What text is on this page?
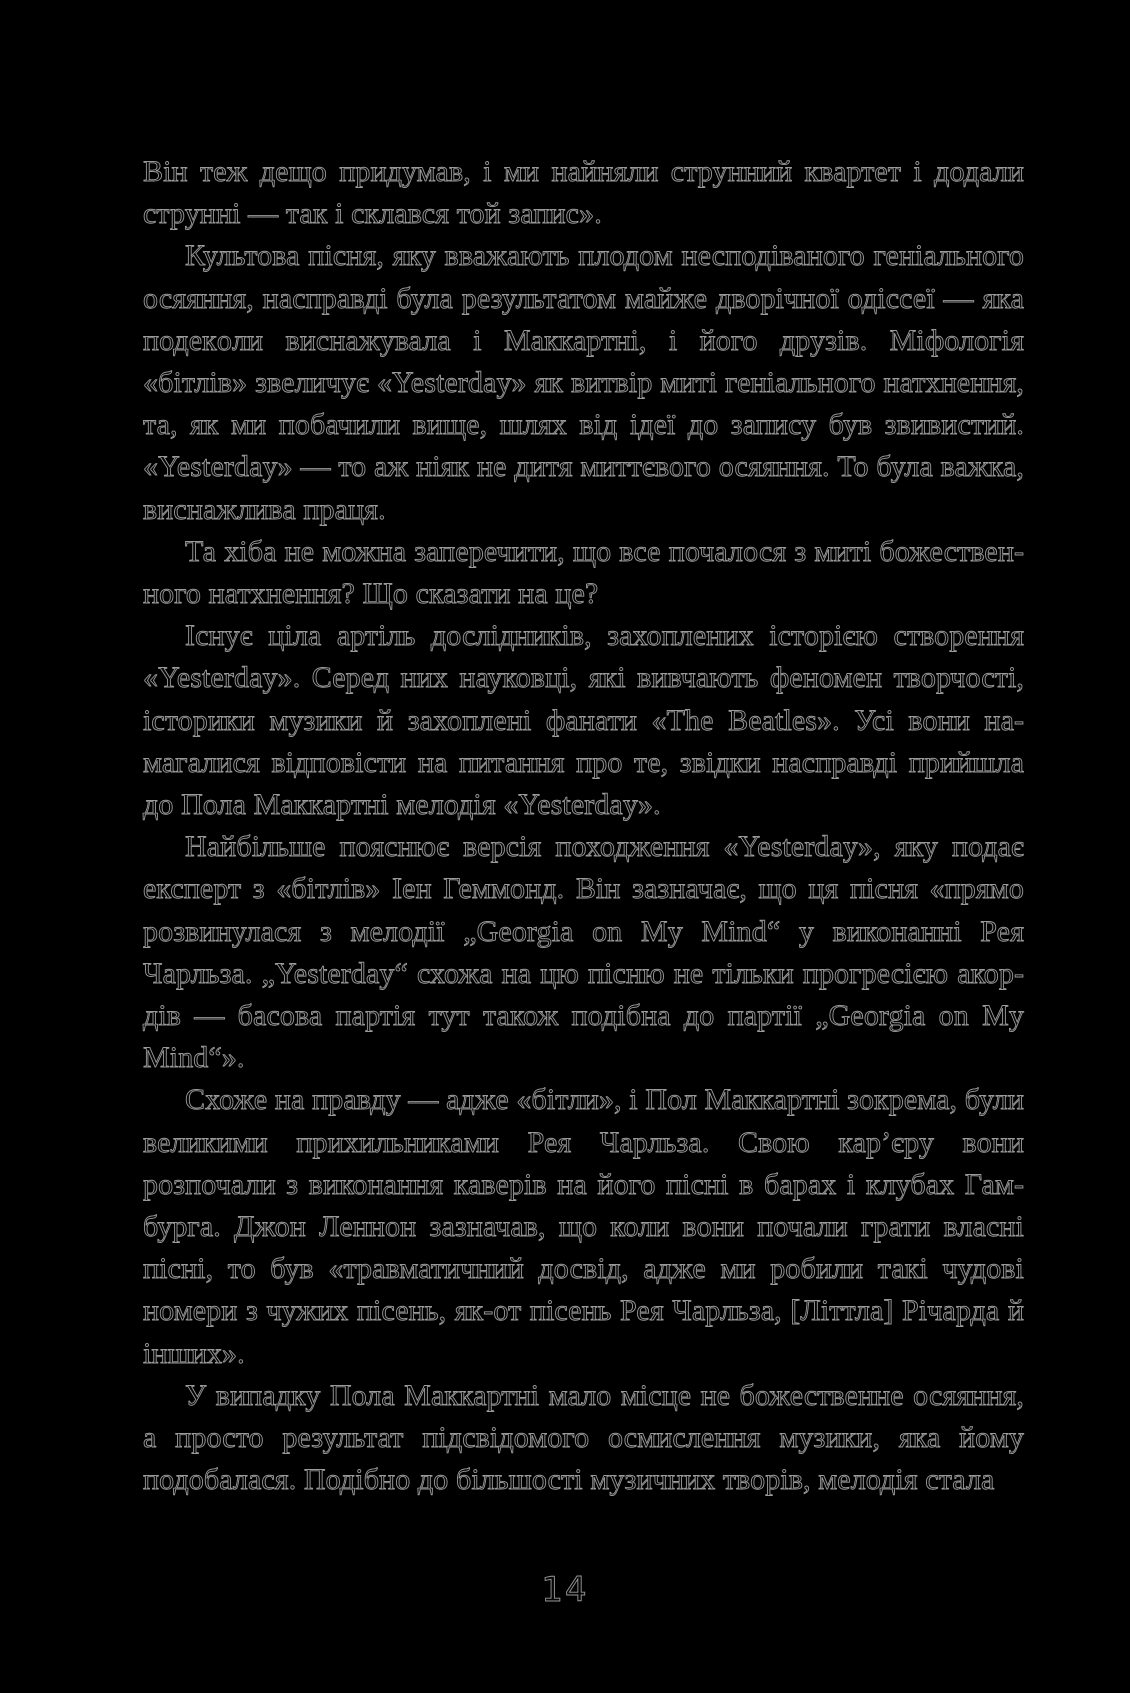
Він теж дещо придумав, і ми найняли струнний квартет і додали струнні — так і склався той запис».

Культова пісня, яку вважають плодом несподіваного геніального осяяння, насправді була результатом майже дворічної одіссеї — яка подекoли виснажувала і Маккартні, і його друзів. Міфологія «бітлів» звеличує «Yesterday» як витвір миті геніального натхнення, та, як ми побачили вище, шлях від ідеї до запису був звивистий. «Yesterday» — то аж ніяк не дитя миттєвого осяяння. То була важка, виснажлива праця.

Та хіба не можна заперечити, що все почалося з миті божественного натхнення? Що сказати на це?

Існує ціла артіль дослідників, захоплених історією створення «Yesterday». Серед них науковці, які вивчають феномен творчості, історики музики й захоплені фанати «The Beatles». Усі вони намагалися відповісти на питання про те, звідки насправді прийшла до Пола Маккартні мелодія «Yesterday».

Найбільше пояснює версія походження «Yesterday», яку подає експерт з «бітлів» Іен Геммонд. Він зазначає, що ця пісня «прямо розвинулася з мелодії „Georgia on My Mind“ у виконанні Рея Чарльза. „Yesterday“ схожа на цю пісню не тільки прогресією акордів — басова партія тут також подібна до партії „Georgia on My Mind“».

Схоже на правду — адже «бітли», і Пол Маккартні зокрема, були великими прихильниками Рея Чарльза. Свою кар’єру вони розпочали з виконання каверів на його пісні в барах і клубах Гамбурга. Джон Леннон зазначав, що коли вони почали грати власні пісні, то був «травматичний досвід, адже ми робили такі чудові номери з чужих пісень, як-от пісень Рея Чарльза, [Літтла] Річарда й інших».

У випадку Пола Маккартні мало місце не божественне осяяння, а просто результат підсвідомого осмислення музики, яка йому подобалася. Подібно до більшості музичних творів, мелодія стала

14
